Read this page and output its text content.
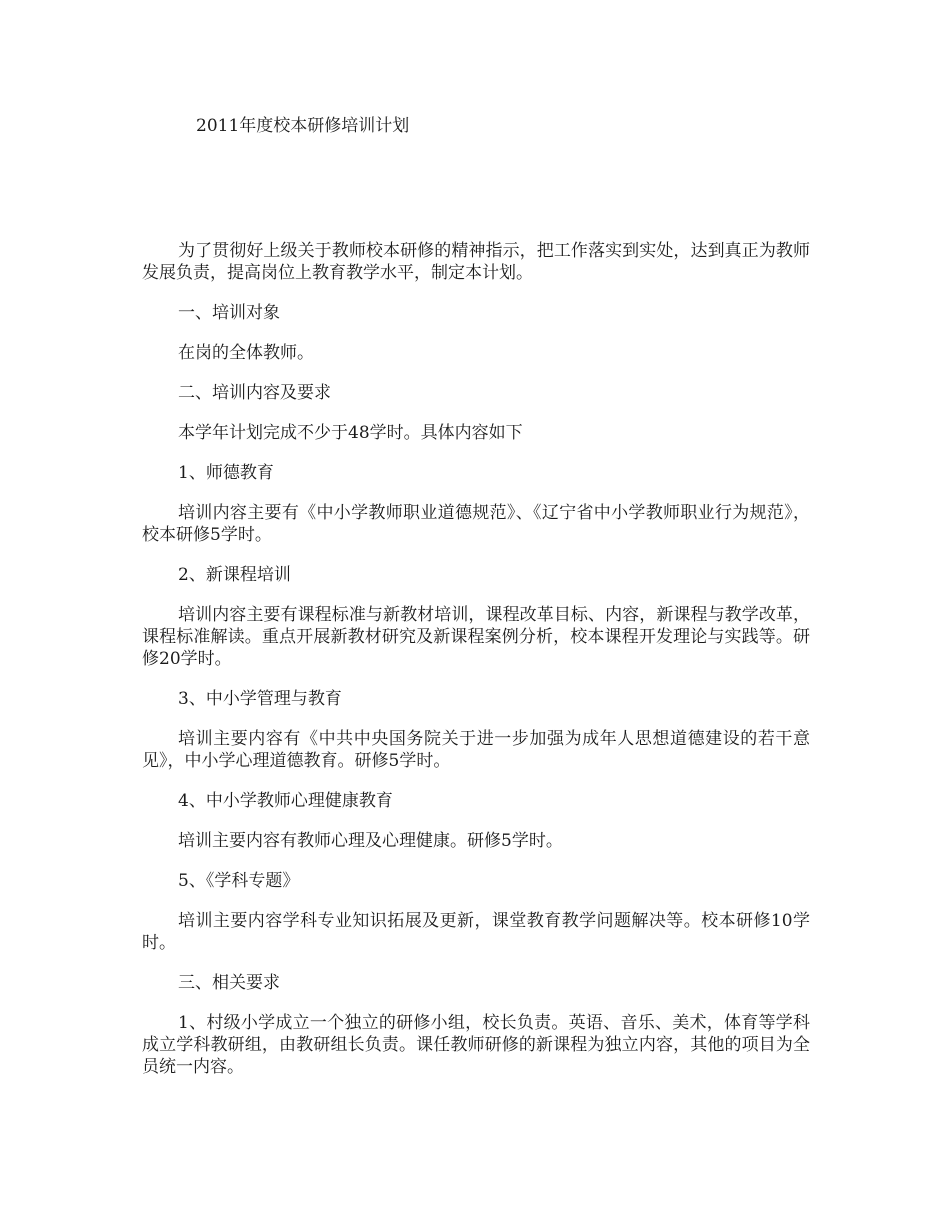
2011年度校本研修培训计划

为了贯彻好上级关于教师校本研修的精神指示，把工作落实到实处，达到真正为教师发展负责，提高岗位上教育教学水平，制定本计划。

一、培训对象

在岗的全体教师。

二、培训内容及要求

本学年计划完成不少于48学时。具体内容如下

1、师德教育

培训内容主要有《中小学教师职业道德规范》、《辽宁省中小学教师职业行为规范》，校本研修5学时。

2、新课程培训

培训内容主要有课程标准与新教材培训，课程改革目标、内容，新课程与教学改革，课程标准解读。重点开展新教材研究及新课程案例分析，校本课程开发理论与实践等。研修20学时。

3、中小学管理与教育

培训主要内容有《中共中央国务院关于进一步加强为成年人思想道德建设的若干意见》，中小学心理道德教育。研修5学时。

4、中小学教师心理健康教育

培训主要内容有教师心理及心理健康。研修5学时。

5、《学科专题》

培训主要内容学科专业知识拓展及更新，课堂教育教学问题解决等。校本研修10学时。

三、相关要求

1、村级小学成立一个独立的研修小组，校长负责。英语、音乐、美术，体育等学科成立学科教研组，由教研组长负责。课任教师研修的新课程为独立内容，其他的项目为全员统一内容。
